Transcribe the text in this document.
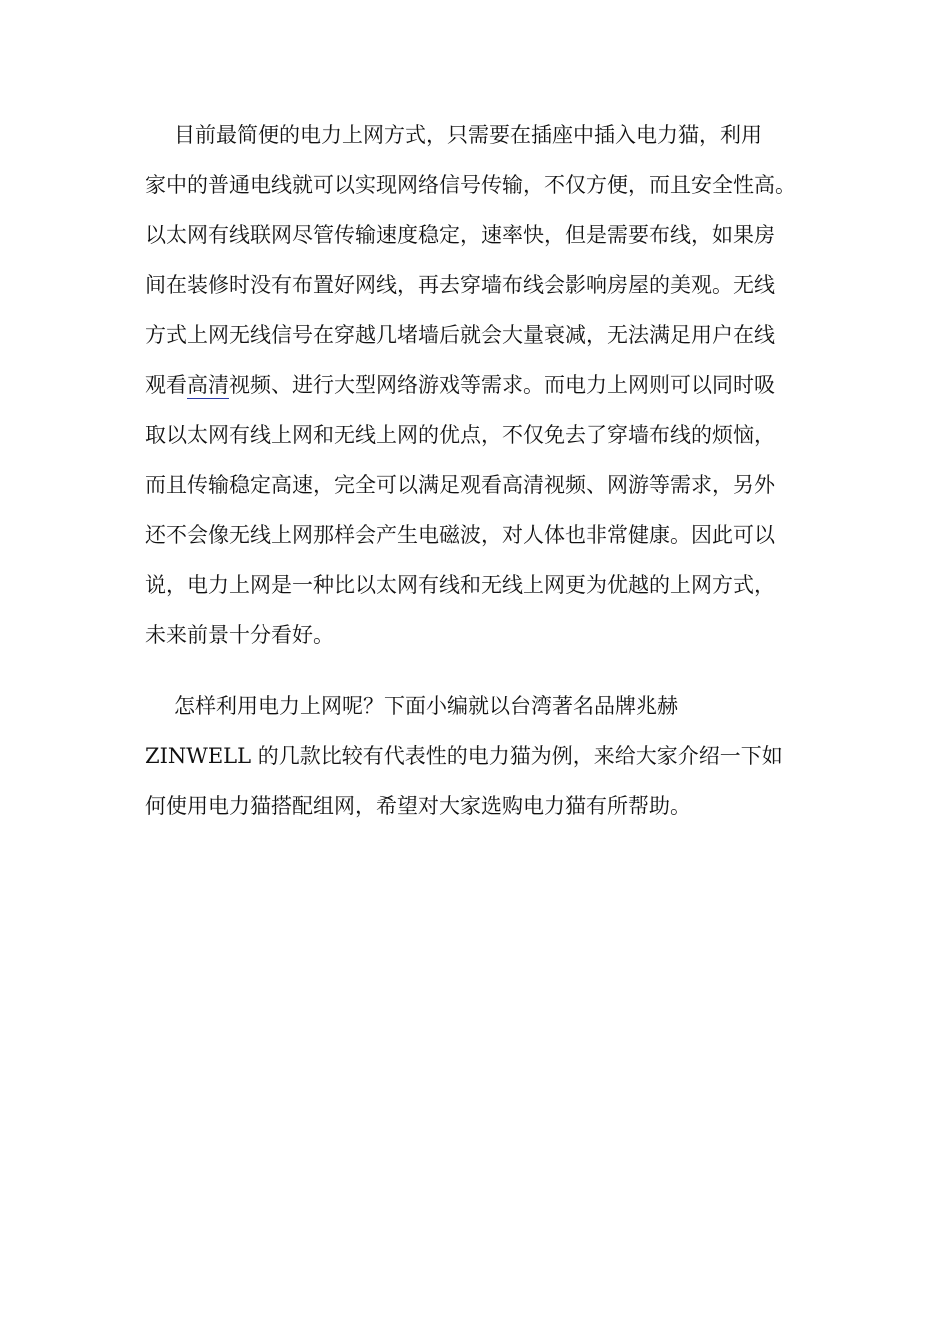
目前最简便的电力上网方式，只需要在插座中插入电力猫，利用
家中的普通电线就可以实现网络信号传输，不仅方便，而且安全性高。
以太网有线联网尽管传输速度稳定，速率快，但是需要布线，如果房
间在装修时没有布置好网线，再去穿墙布线会影响房屋的美观。无线
方式上网无线信号在穿越几堵墙后就会大量衰减，无法满足用户在线
观看高清视频、进行大型网络游戏等需求。而电力上网则可以同时吸
取以太网有线上网和无线上网的优点，不仅免去了穿墙布线的烦恼，
而且传输稳定高速，完全可以满足观看高清视频、网游等需求，另外
还不会像无线上网那样会产生电磁波，对人体也非常健康。因此可以
说，电力上网是一种比以太网有线和无线上网更为优越的上网方式，
未来前景十分看好。
怎样利用电力上网呢？下面小编就以台湾著名品牌兆赫
ZINWELL 的几款比较有代表性的电力猫为例，来给大家介绍一下如
何使用电力猫搭配组网，希望对大家选购电力猫有所帮助。
